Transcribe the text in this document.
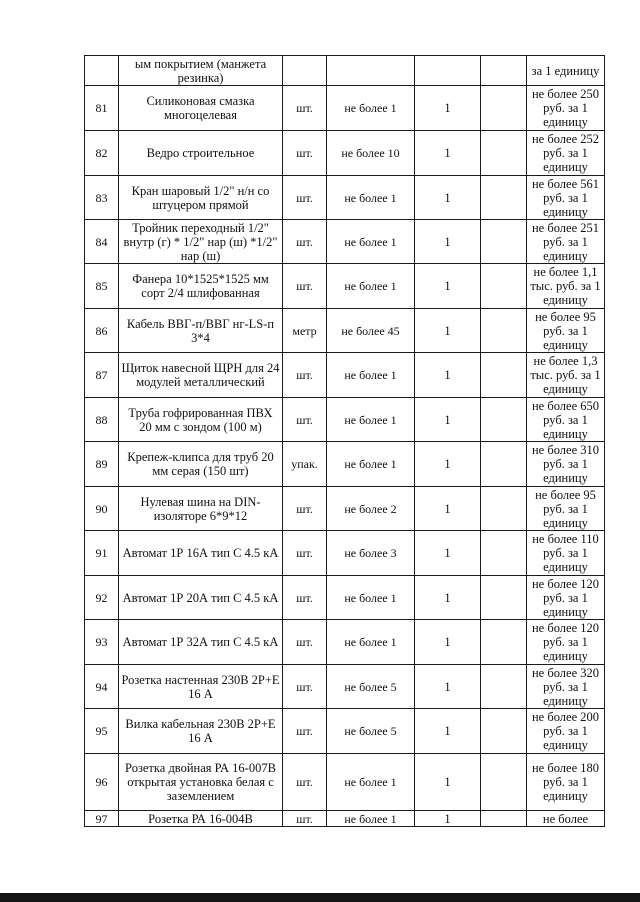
	ым покрытием (манжета резинка)					за 1 единицу
81	Силиконовая смазка многоцелевая	шт.	не более 1	1		не более 250 руб. за 1 единицу
82	Ведро строительное	шт.	не более 10	1		не более 252 руб. за 1 единицу
83	Кран шаровый 1/2" н/н со штуцером прямой	шт.	не более 1	1		не более 561 руб. за 1 единицу
84	Тройник переходный 1/2" внутр (г) * 1/2" нар (ш) *1/2" нар (ш)	шт.	не более 1	1		не более 251 руб. за 1 единицу
85	Фанера 10*1525*1525 мм сорт 2/4 шлифованная	шт.	не более 1	1		не более 1,1 тыс. руб. за 1 единицу
86	Кабель ВВГ-п/ВВГ нг-LS-п 3*4	метр	не более 45	1		не более 95 руб. за 1 единицу
87	Щиток навесной ЩРН для 24 модулей металлический	шт.	не более 1	1		не более 1,3 тыс. руб. за 1 единицу
88	Труба гофрированная ПВХ 20 мм с зондом (100 м)	шт.	не более 1	1		не более 650 руб. за 1 единицу
89	Крепеж-клипса для труб 20 мм серая (150 шт)	упак.	не более 1	1		не более 310 руб. за 1 единицу
90	Нулевая шина на DIN-изоляторе 6*9*12	шт.	не более 2	1		не более 95 руб. за 1 единицу
91	Автомат 1Р 16А тип С 4.5 кА	шт.	не более 3	1		не более 110 руб. за 1 единицу
92	Автомат 1Р 20А тип С 4.5 кА	шт.	не более 1	1		не более 120 руб. за 1 единицу
93	Автомат 1Р 32А тип С 4.5 кА	шт.	не более 1	1		не более 120 руб. за 1 единицу
94	Розетка настенная 230В 2Р+Е 16 А	шт.	не более 5	1		не более 320 руб. за 1 единицу
95	Вилка кабельная 230В 2Р+Е 16 А	шт.	не более 5	1		не более 200 руб. за 1 единицу
96	Розетка двойная РА 16-007В открытая установка белая с заземлением	шт.	не более 1	1		не более 180 руб. за 1 единицу
97	Розетка РА 16-004В	шт.	не более 1	1		не более
